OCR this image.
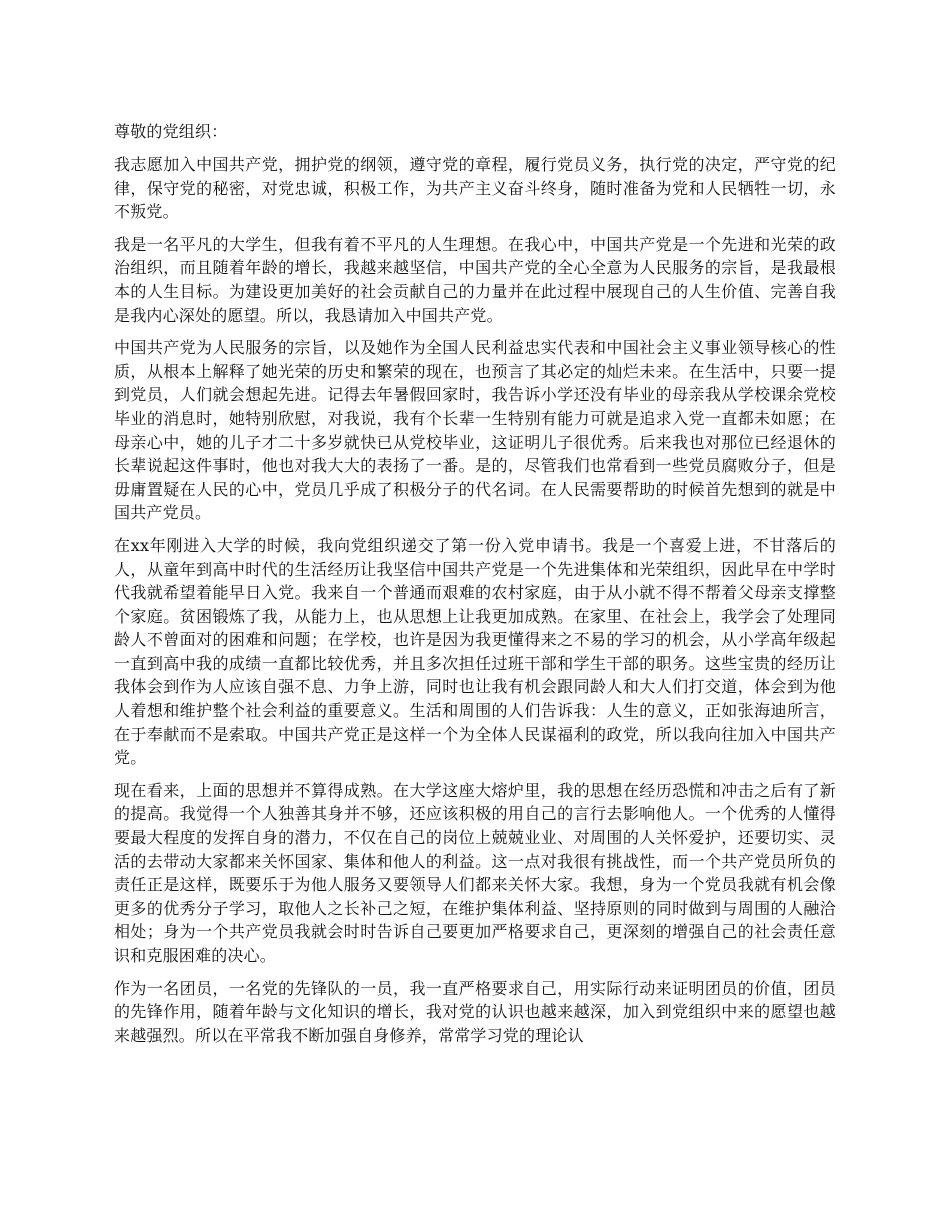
尊敬的党组织：

我志愿加入中国共产党，拥护党的纲领，遵守党的章程，履行党员义务，执行党的决定，严守党的纪律，保守党的秘密，对党忠诚，积极工作，为共产主义奋斗终身，随时准备为党和人民牺牲一切，永不叛党。

我是一名平凡的大学生，但我有着不平凡的人生理想。在我心中，中国共产党是一个先进和光荣的政治组织，而且随着年龄的增长，我越来越坚信，中国共产党的全心全意为人民服务的宗旨，是我最根本的人生目标。为建设更加美好的社会贡献自己的力量并在此过程中展现自己的人生价值、完善自我是我内心深处的愿望。所以，我恳请加入中国共产党。

中国共产党为人民服务的宗旨，以及她作为全国人民利益忠实代表和中国社会主义事业领导核心的性质，从根本上解释了她光荣的历史和繁荣的现在，也预言了其必定的灿烂未来。在生活中，只要一提到党员，人们就会想起先进。记得去年暑假回家时，我告诉小学还没有毕业的母亲我从学校课余党校毕业的消息时，她特别欣慰，对我说，我有个长辈一生特别有能力可就是追求入党一直都未如愿；在母亲心中，她的儿子才二十多岁就快已从党校毕业，这证明儿子很优秀。后来我也对那位已经退休的长辈说起这件事时，他也对我大大的表扬了一番。是的，尽管我们也常看到一些党员腐败分子，但是毋庸置疑在人民的心中，党员几乎成了积极分子的代名词。在人民需要帮助的时候首先想到的就是中国共产党员。

在xx年刚进入大学的时候，我向党组织递交了第一份入党申请书。我是一个喜爱上进，不甘落后的人，从童年到高中时代的生活经历让我坚信中国共产党是一个先进集体和光荣组织，因此早在中学时代我就希望着能早日入党。我来自一个普通而艰难的农村家庭，由于从小就不得不帮着父母亲支撑整个家庭。贫困锻炼了我，从能力上，也从思想上让我更加成熟。在家里、在社会上，我学会了处理同龄人不曾面对的困难和问题；在学校，也许是因为我更懂得来之不易的学习的机会，从小学高年级起一直到高中我的成绩一直都比较优秀，并且多次担任过班干部和学生干部的职务。这些宝贵的经历让我体会到作为人应该自强不息、力争上游，同时也让我有机会跟同龄人和大人们打交道，体会到为他人着想和维护整个社会利益的重要意义。生活和周围的人们告诉我：人生的意义，正如张海迪所言，在于奉献而不是索取。中国共产党正是这样一个为全体人民谋福利的政党，所以我向往加入中国共产党。

现在看来，上面的思想并不算得成熟。在大学这座大熔炉里，我的思想在经历恐慌和冲击之后有了新的提高。我觉得一个人独善其身并不够，还应该积极的用自己的言行去影响他人。一个优秀的人懂得要最大程度的发挥自身的潜力，不仅在自己的岗位上兢兢业业、对周围的人关怀爱护，还要切实、灵活的去带动大家都来关怀国家、集体和他人的利益。这一点对我很有挑战性，而一个共产党员所负的责任正是这样，既要乐于为他人服务又要领导人们都来关怀大家。我想，身为一个党员我就有机会像更多的优秀分子学习，取他人之长补己之短，在维护集体利益、坚持原则的同时做到与周围的人融洽相处；身为一个共产党员我就会时时告诉自己要更加严格要求自己，更深刻的增强自己的社会责任意识和克服困难的决心。

作为一名团员，一名党的先锋队的一员，我一直严格要求自己，用实际行动来证明团员的价值，团员的先锋作用，随着年龄与文化知识的增长，我对党的认识也越来越深，加入到党组织中来的愿望也越来越强烈。所以在平常我不断加强自身修养，常常学习党的理论认
